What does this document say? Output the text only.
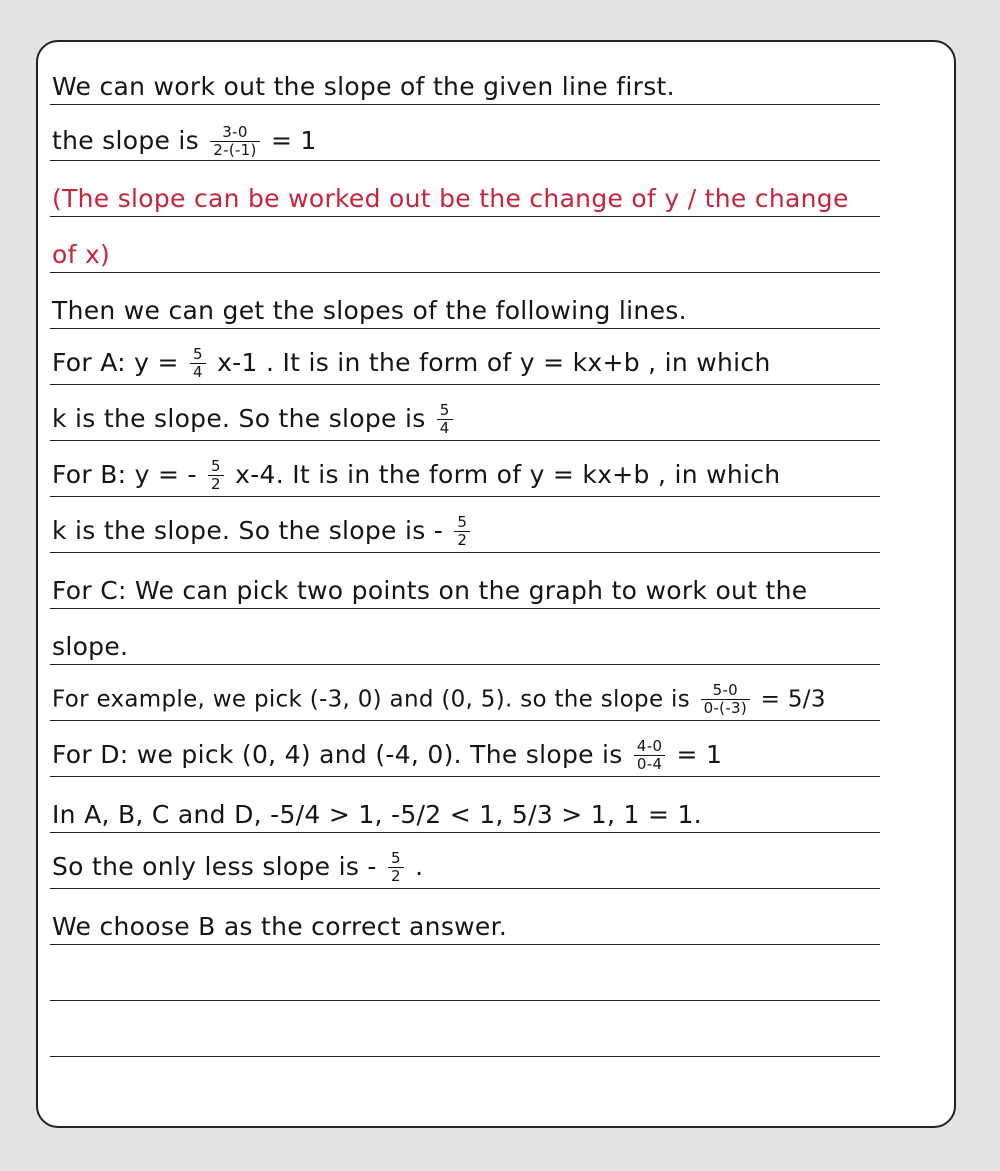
We can work out the slope of the given line first.
the slope is $\frac{3-0}{2-(-1)} = 1$
(The slope can be worked out be the change of y / the change
of x)
Then we can get the slopes of the following lines.
For A: $y = \frac{5}{4} x-1$ . It is in the form of y = kx+b , in which
k is the slope. So the slope is $\frac{5}{4}$
For B: y = - $\frac{5}{2} x-4$. It is in the form of y = kx+b , in which
k is the slope. So the slope is - $\frac{5}{2}$
For C: We can pick two points on the graph to work out the
slope.
For example, we pick (-3, 0) and (0, 5). so the slope is $\frac{5-0}{0-(-3)} = 5/3$
For D: we pick (0, 4) and (-4, 0). The slope is $\frac{4-0}{0-4} = 1$
In A, B, C and D, -5/4 > 1, -5/2 < 1, 5/3 > 1, 1 = 1.
So the only less slope is - $\frac{5}{2}$ .
We choose B as the correct answer.
